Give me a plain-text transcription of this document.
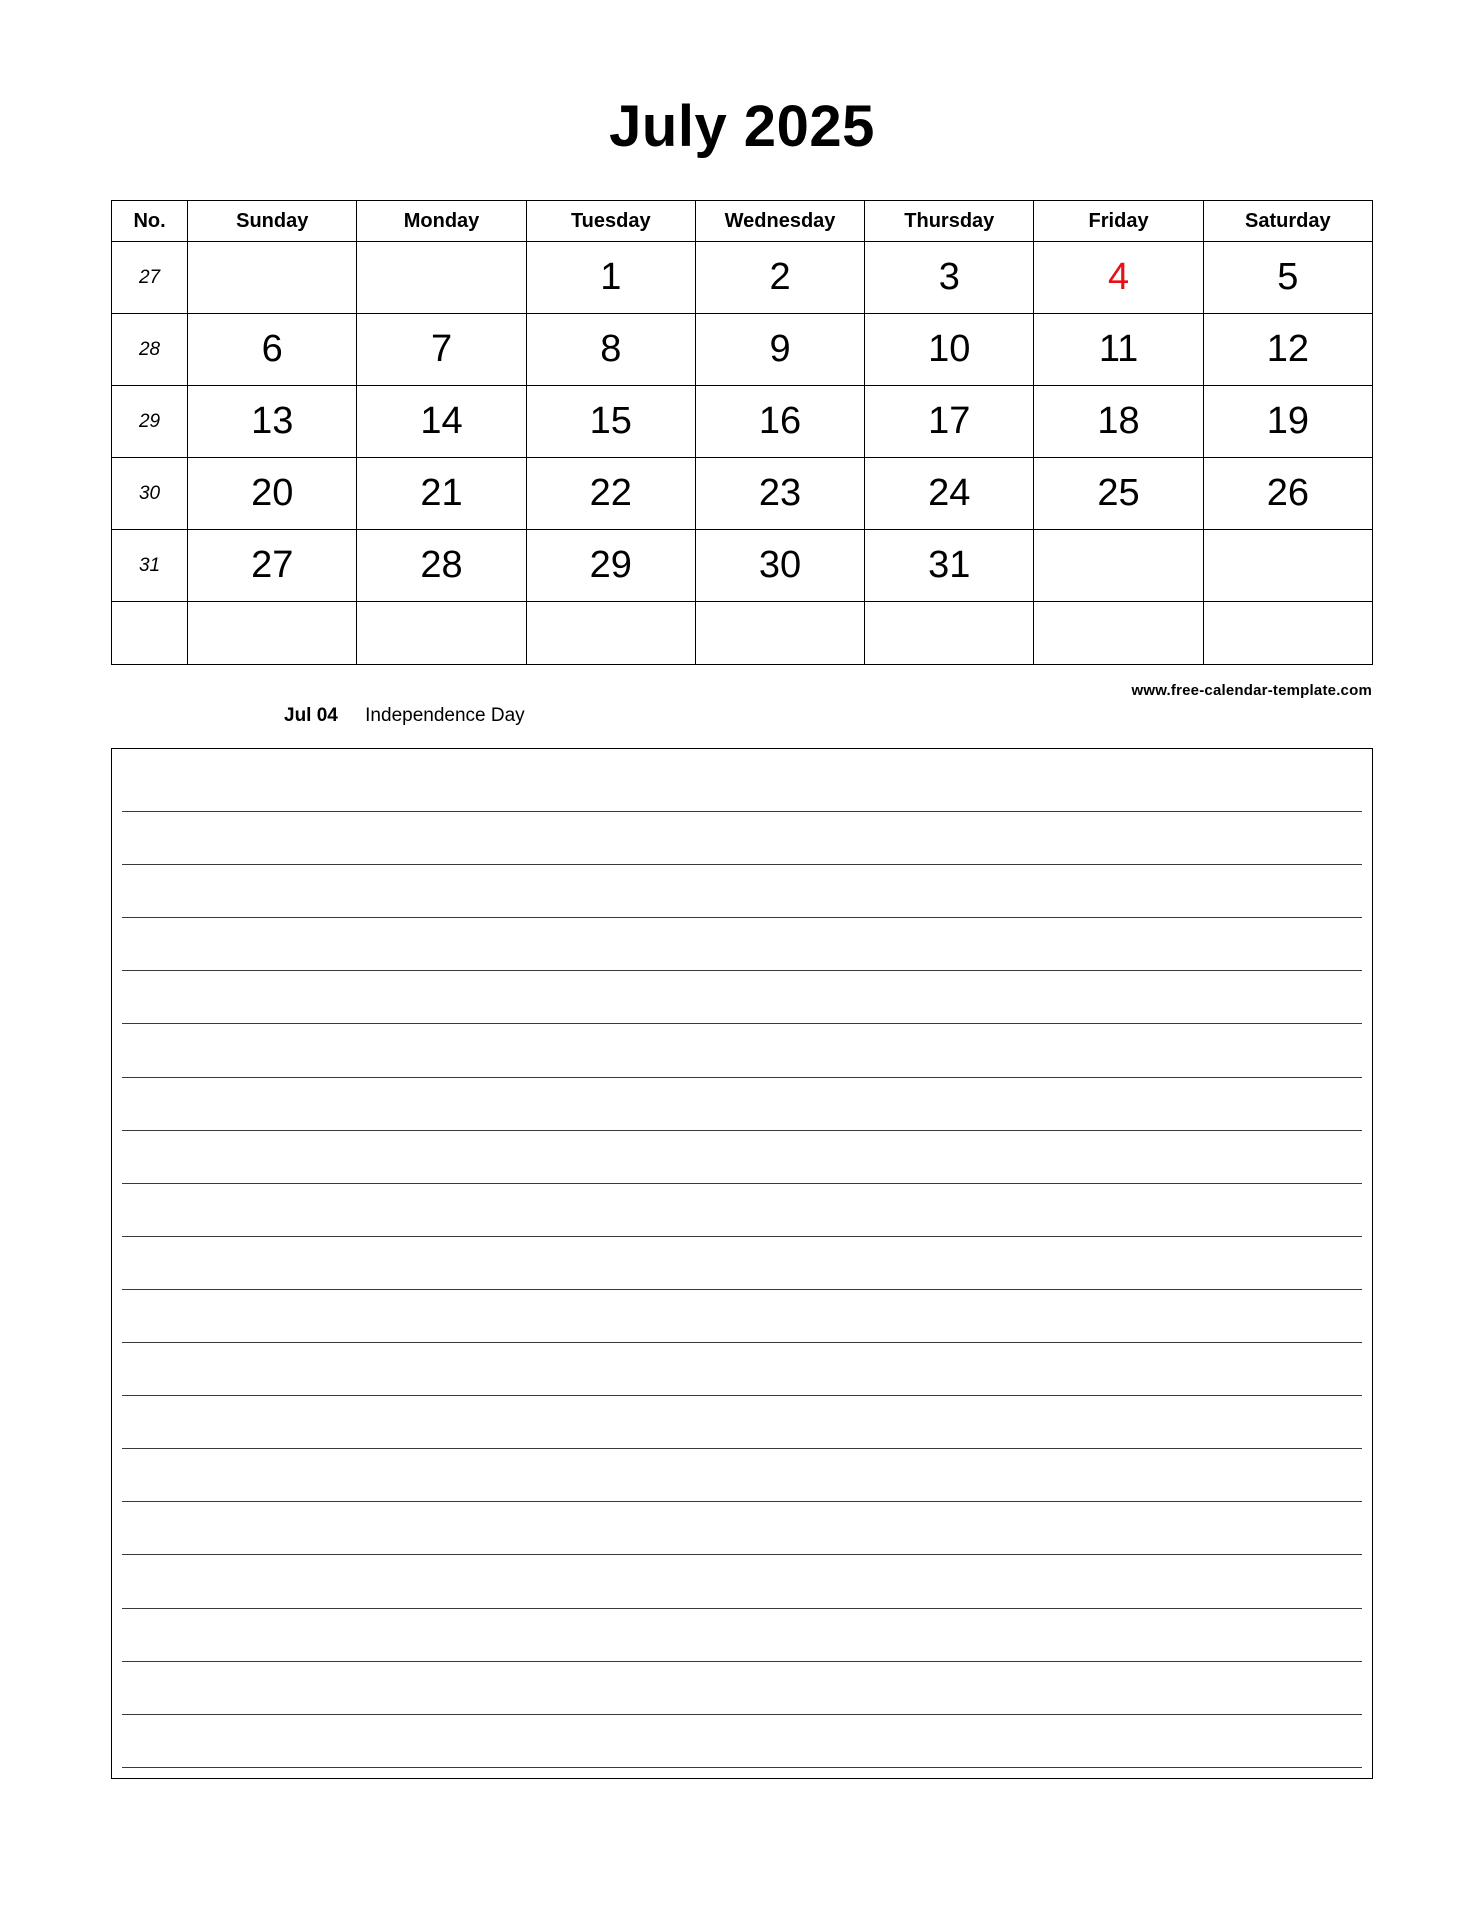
July 2025
No.	Sunday	Monday	Tuesday	Wednesday	Thursday	Friday	Saturday
27			1	2	3	4	5
28	6	7	8	9	10	11	12
29	13	14	15	16	17	18	19
30	20	21	22	23	24	25	26
31	27	28	29	30	31		

www.free-calendar-template.com
Jul 04 Independence Day
